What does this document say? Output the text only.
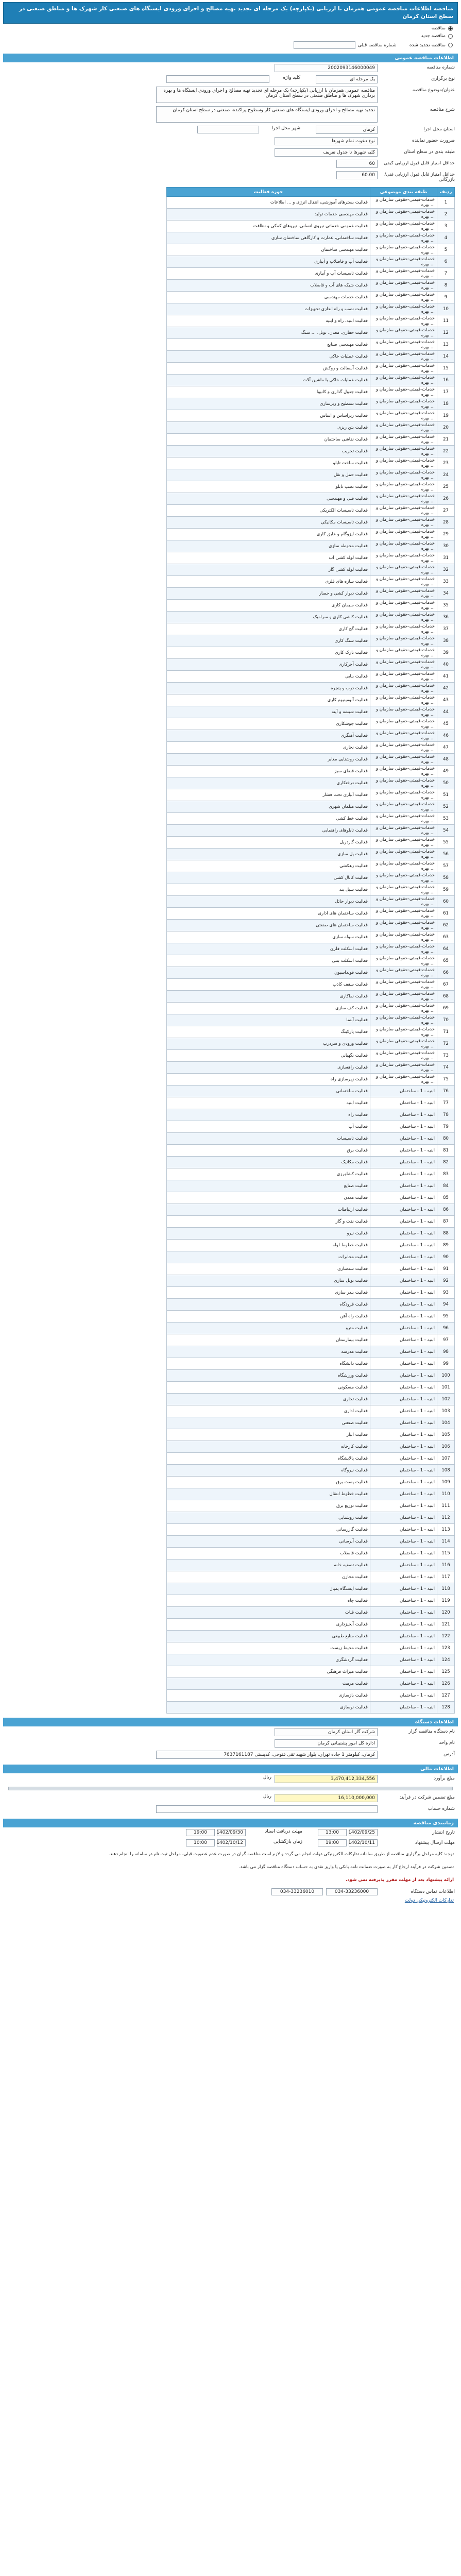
مناقصه اطلاعات مناقصه عمومی همزمان با ارزیابی (یکپارچه) یک مرحله ای تجدید تهیه مصالح و اجرای ورودی ایستگاه های صنعتی کار شهرک ها و مناطق صنعتی در سطح استان کرمان
مناقصه
مناقصه جدید
مناقصه تجدید شده
شماره مناقصه قبلی
اطلاعات مناقصه عمومی
شماره مناقصه
2002093146000049
نوع برگزاری
یک مرحله ای
کلید واژه
عنوان/موضوع مناقصه
مناقصه عمومی همزمان با ارزیابی (یکپارچه) یک مرحله ای تجدید تهیه مصالح و اجرای ورودی ایستگاه ها و بهره برداری شهرک ها و مناطق صنعتی در سطح استان کرمان
شرح مناقصه
تجدید تهیه مصالح و اجرای ورودی ایستگاه های صنعتی کار وسطوح پراکنده، صنعتی در سطح استان کرمان
استان محل اجرا
کرمان
شهر محل اجرا
ضرورت حضور نماینده
نوع دعوت تمام شهرها
طبقه بندی در سطح استان
کلیه شهرها تا جدول تعریف
حداقل امتیاز قابل قبول ارزیابی کیفی
60
حداقل امتیاز قابل قبول ارزیابی فنی/بازرگانی
60.00
ردیف	طبقه بندی موضوعی	حوزه فعالیت
1	خدمات-قیمتی-حقوقی سازمان و ... بهره	فعالیت بسترهای آموزشی، انتقال انرژی و ... اطلاعات
2	خدمات-قیمتی-حقوقی سازمان و ... بهره	فعالیت مهندسی خدمات تولید
3	خدمات-قیمتی-حقوقی سازمان و ... بهره	فعالیت عمومی خدماتی نیروی انسانی، نیروهای کمکی و نظافت
4	خدمات-قیمتی-حقوقی سازمان و ... بهره	فعالیت ساختمانی، عمارت و کارگاهی ساختمان سازی
5	خدمات-قیمتی-حقوقی سازمان و ... بهره	فعالیت مهندسی ساختمان
6	خدمات-قیمتی-حقوقی سازمان و ... بهره	فعالیت آب و فاضلاب و آبیاری
7	خدمات-قیمتی-حقوقی سازمان و ... بهره	فعالیت تاسیسات آب و آبیاری
8	خدمات-قیمتی-حقوقی سازمان و ... بهره	فعالیت شبکه های آب و فاضلاب
9	خدمات-قیمتی-حقوقی سازمان و ... بهره	فعالیت خدمات مهندسی
10	خدمات-قیمتی-حقوقی سازمان و ... بهره	فعالیت نصب و راه اندازی تجهیزات
11	خدمات-قیمتی-حقوقی سازمان و ... بهره	فعالیت ابنیه، راه و ابنیه
12	خدمات-قیمتی-حقوقی سازمان و ... بهره	فعالیت حفاری، معدن، تونل، ... سنگ
13	خدمات-قیمتی-حقوقی سازمان و ... بهره	فعالیت مهندسی صنایع
14	خدمات-قیمتی-حقوقی سازمان و ... بهره	فعالیت عملیات خاکی
15	خدمات-قیمتی-حقوقی سازمان و ... بهره	فعالیت آسفالت و روکش
16	خدمات-قیمتی-حقوقی سازمان و ... بهره	فعالیت عملیات خاکی با ماشین آلات
17	خدمات-قیمتی-حقوقی سازمان و ... بهره	فعالیت جدول گذاری و کانیوا
18	خدمات-قیمتی-حقوقی سازمان و ... بهره	فعالیت تسطیح و زیرسازی
19	خدمات-قیمتی-حقوقی سازمان و ... بهره	فعالیت زیراساس و اساس
20	خدمات-قیمتی-حقوقی سازمان و ... بهره	فعالیت بتن ریزی
21	خدمات-قیمتی-حقوقی سازمان و ... بهره	فعالیت نقاشی ساختمان
22	خدمات-قیمتی-حقوقی سازمان و ... بهره	فعالیت تخریب
23	خدمات-قیمتی-حقوقی سازمان و ... بهره	فعالیت ساخت تابلو
24	خدمات-قیمتی-حقوقی سازمان و ... بهره	فعالیت حمل و نقل
25	خدمات-قیمتی-حقوقی سازمان و ... بهره	فعالیت نصب تابلو
26	خدمات-قیمتی-حقوقی سازمان و ... بهره	فعالیت فنی و مهندسی
27	خدمات-قیمتی-حقوقی سازمان و ... بهره	فعالیت تاسیسات الکتریکی
28	خدمات-قیمتی-حقوقی سازمان و ... بهره	فعالیت تاسیسات مکانیکی
29	خدمات-قیمتی-حقوقی سازمان و ... بهره	فعالیت ایزوگام و عایق کاری
30	خدمات-قیمتی-حقوقی سازمان و ... بهره	فعالیت محوطه سازی
31	خدمات-قیمتی-حقوقی سازمان و ... بهره	فعالیت لوله کشی آب
32	خدمات-قیمتی-حقوقی سازمان و ... بهره	فعالیت لوله کشی گاز
33	خدمات-قیمتی-حقوقی سازمان و ... بهره	فعالیت سازه های فلزی
34	خدمات-قیمتی-حقوقی سازمان و ... بهره	فعالیت دیوار کشی و حصار
35	خدمات-قیمتی-حقوقی سازمان و ... بهره	فعالیت سیمان کاری
36	خدمات-قیمتی-حقوقی سازمان و ... بهره	فعالیت کاشی کاری و سرامیک
37	خدمات-قیمتی-حقوقی سازمان و ... بهره	فعالیت گچ کاری
38	خدمات-قیمتی-حقوقی سازمان و ... بهره	فعالیت سنگ کاری
39	خدمات-قیمتی-حقوقی سازمان و ... بهره	فعالیت نازک کاری
40	خدمات-قیمتی-حقوقی سازمان و ... بهره	فعالیت آجرکاری
41	خدمات-قیمتی-حقوقی سازمان و ... بهره	فعالیت بنایی
42	خدمات-قیمتی-حقوقی سازمان و ... بهره	فعالیت درب و پنجره
43	خدمات-قیمتی-حقوقی سازمان و ... بهره	فعالیت آلومینیوم کاری
44	خدمات-قیمتی-حقوقی سازمان و ... بهره	فعالیت شیشه و آینه
45	خدمات-قیمتی-حقوقی سازمان و ... بهره	فعالیت جوشکاری
46	خدمات-قیمتی-حقوقی سازمان و ... بهره	فعالیت آهنگری
47	خدمات-قیمتی-حقوقی سازمان و ... بهره	فعالیت نجاری
48	خدمات-قیمتی-حقوقی سازمان و ... بهره	فعالیت روشنایی معابر
49	خدمات-قیمتی-حقوقی سازمان و ... بهره	فعالیت فضای سبز
50	خدمات-قیمتی-حقوقی سازمان و ... بهره	فعالیت درختکاری
51	خدمات-قیمتی-حقوقی سازمان و ... بهره	فعالیت آبیاری تحت فشار
52	خدمات-قیمتی-حقوقی سازمان و ... بهره	فعالیت مبلمان شهری
53	خدمات-قیمتی-حقوقی سازمان و ... بهره	فعالیت خط کشی
54	خدمات-قیمتی-حقوقی سازمان و ... بهره	فعالیت تابلوهای راهنمایی
55	خدمات-قیمتی-حقوقی سازمان و ... بهره	فعالیت گاردریل
56	خدمات-قیمتی-حقوقی سازمان و ... بهره	فعالیت پل سازی
57	خدمات-قیمتی-حقوقی سازمان و ... بهره	فعالیت زهکشی
58	خدمات-قیمتی-حقوقی سازمان و ... بهره	فعالیت کانال کشی
59	خدمات-قیمتی-حقوقی سازمان و ... بهره	فعالیت سیل بند
60	خدمات-قیمتی-حقوقی سازمان و ... بهره	فعالیت دیوار حائل
61	خدمات-قیمتی-حقوقی سازمان و ... بهره	فعالیت ساختمان های اداری
62	خدمات-قیمتی-حقوقی سازمان و ... بهره	فعالیت ساختمان های صنعتی
63	خدمات-قیمتی-حقوقی سازمان و ... بهره	فعالیت سوله سازی
64	خدمات-قیمتی-حقوقی سازمان و ... بهره	فعالیت اسکلت فلزی
65	خدمات-قیمتی-حقوقی سازمان و ... بهره	فعالیت اسکلت بتنی
66	خدمات-قیمتی-حقوقی سازمان و ... بهره	فعالیت فونداسیون
67	خدمات-قیمتی-حقوقی سازمان و ... بهره	فعالیت سقف کاذب
68	خدمات-قیمتی-حقوقی سازمان و ... بهره	فعالیت نماکاری
69	خدمات-قیمتی-حقوقی سازمان و ... بهره	فعالیت کف سازی
70	خدمات-قیمتی-حقوقی سازمان و ... بهره	فعالیت آبنما
71	خدمات-قیمتی-حقوقی سازمان و ... بهره	فعالیت پارکینگ
72	خدمات-قیمتی-حقوقی سازمان و ... بهره	فعالیت ورودی و سردرب
73	خدمات-قیمتی-حقوقی سازمان و ... بهره	فعالیت نگهبانی
74	خدمات-قیمتی-حقوقی سازمان و ... بهره	فعالیت راهسازی
75	خدمات-قیمتی-حقوقی سازمان و ... بهره	فعالیت زیرسازی راه
76	ابنیه - 1 - ساختمان	فعالیت ساختمانی
77	ابنیه - 1 - ساختمان	فعالیت ابنیه
78	ابنیه - 1 - ساختمان	فعالیت راه
79	ابنیه - 1 - ساختمان	فعالیت آب
80	ابنیه - 1 - ساختمان	فعالیت تاسیسات
81	ابنیه - 1 - ساختمان	فعالیت برق
82	ابنیه - 1 - ساختمان	فعالیت مکانیک
83	ابنیه - 1 - ساختمان	فعالیت کشاورزی
84	ابنیه - 1 - ساختمان	فعالیت صنایع
85	ابنیه - 1 - ساختمان	فعالیت معدن
86	ابنیه - 1 - ساختمان	فعالیت ارتباطات
87	ابنیه - 1 - ساختمان	فعالیت نفت و گاز
88	ابنیه - 1 - ساختمان	فعالیت نیرو
89	ابنیه - 1 - ساختمان	فعالیت خطوط لوله
90	ابنیه - 1 - ساختمان	فعالیت مخابرات
91	ابنیه - 1 - ساختمان	فعالیت سدسازی
92	ابنیه - 1 - ساختمان	فعالیت تونل سازی
93	ابنیه - 1 - ساختمان	فعالیت بندر سازی
94	ابنیه - 1 - ساختمان	فعالیت فرودگاه
95	ابنیه - 1 - ساختمان	فعالیت راه آهن
96	ابنیه - 1 - ساختمان	فعالیت مترو
97	ابنیه - 1 - ساختمان	فعالیت بیمارستان
98	ابنیه - 1 - ساختمان	فعالیت مدرسه
99	ابنیه - 1 - ساختمان	فعالیت دانشگاه
100	ابنیه - 1 - ساختمان	فعالیت ورزشگاه
101	ابنیه - 1 - ساختمان	فعالیت مسکونی
102	ابنیه - 1 - ساختمان	فعالیت تجاری
103	ابنیه - 1 - ساختمان	فعالیت اداری
104	ابنیه - 1 - ساختمان	فعالیت صنعتی
105	ابنیه - 1 - ساختمان	فعالیت انبار
106	ابنیه - 1 - ساختمان	فعالیت کارخانه
107	ابنیه - 1 - ساختمان	فعالیت پالایشگاه
108	ابنیه - 1 - ساختمان	فعالیت نیروگاه
109	ابنیه - 1 - ساختمان	فعالیت پست برق
110	ابنیه - 1 - ساختمان	فعالیت خطوط انتقال
111	ابنیه - 1 - ساختمان	فعالیت توزیع برق
112	ابنیه - 1 - ساختمان	فعالیت روشنایی
113	ابنیه - 1 - ساختمان	فعالیت گازرسانی
114	ابنیه - 1 - ساختمان	فعالیت آبرسانی
115	ابنیه - 1 - ساختمان	فعالیت فاضلاب
116	ابنیه - 1 - ساختمان	فعالیت تصفیه خانه
117	ابنیه - 1 - ساختمان	فعالیت مخازن
118	ابنیه - 1 - ساختمان	فعالیت ایستگاه پمپاژ
119	ابنیه - 1 - ساختمان	فعالیت چاه
120	ابنیه - 1 - ساختمان	فعالیت قنات
121	ابنیه - 1 - ساختمان	فعالیت آبخیزداری
122	ابنیه - 1 - ساختمان	فعالیت منابع طبیعی
123	ابنیه - 1 - ساختمان	فعالیت محیط زیست
124	ابنیه - 1 - ساختمان	فعالیت گردشگری
125	ابنیه - 1 - ساختمان	فعالیت میراث فرهنگی
126	ابنیه - 1 - ساختمان	فعالیت مرمت
127	ابنیه - 1 - ساختمان	فعالیت بازسازی
128	ابنیه - 1 - ساختمان	فعالیت نوسازی
اطلاعات دستگاه
نام دستگاه مناقصه گزار
شرکت گاز استان کرمان
نام واحد
اداره کل امور پشتیبانی کرمان
آدرس
کرمان، کیلومتر 1 جاده تهران، بلوار شهید تقی فتوحی، کدپستی 7637161187
اطلاعات مالی
مبلغ برآورد
3,470,412,334,556
ریال
مبلغ تضمین شرکت در فرآیند
16,110,000,000
ریال
شماره حساب
زمانبندی مناقصه
تاریخ انتشار
1402/09/25
13:00
مهلت دریافت اسناد
1402/09/30
19:00
مهلت ارسال پیشنهاد
1402/10/11
19:00
زمان بازگشایی
1402/10/12
10:00
توجه: کلیه مراحل برگزاری مناقصه از طریق سامانه تدارکات الکترونیکی دولت انجام می گردد و لازم است مناقصه گران در صورت عدم عضویت قبلی، مراحل ثبت نام در سامانه را انجام دهند.
تضمین شرکت در فرآیند ارجاع کار به صورت ضمانت نامه بانکی یا واریز نقدی به حساب دستگاه مناقصه گزار می باشد.
ارائه پیشنهاد بعد از مهلت مقرر پذیرفته نمی شود.
اطلاعات تماس دستگاه
034-33236000
034-33236010
تدارکات الکترونیکی دولت
